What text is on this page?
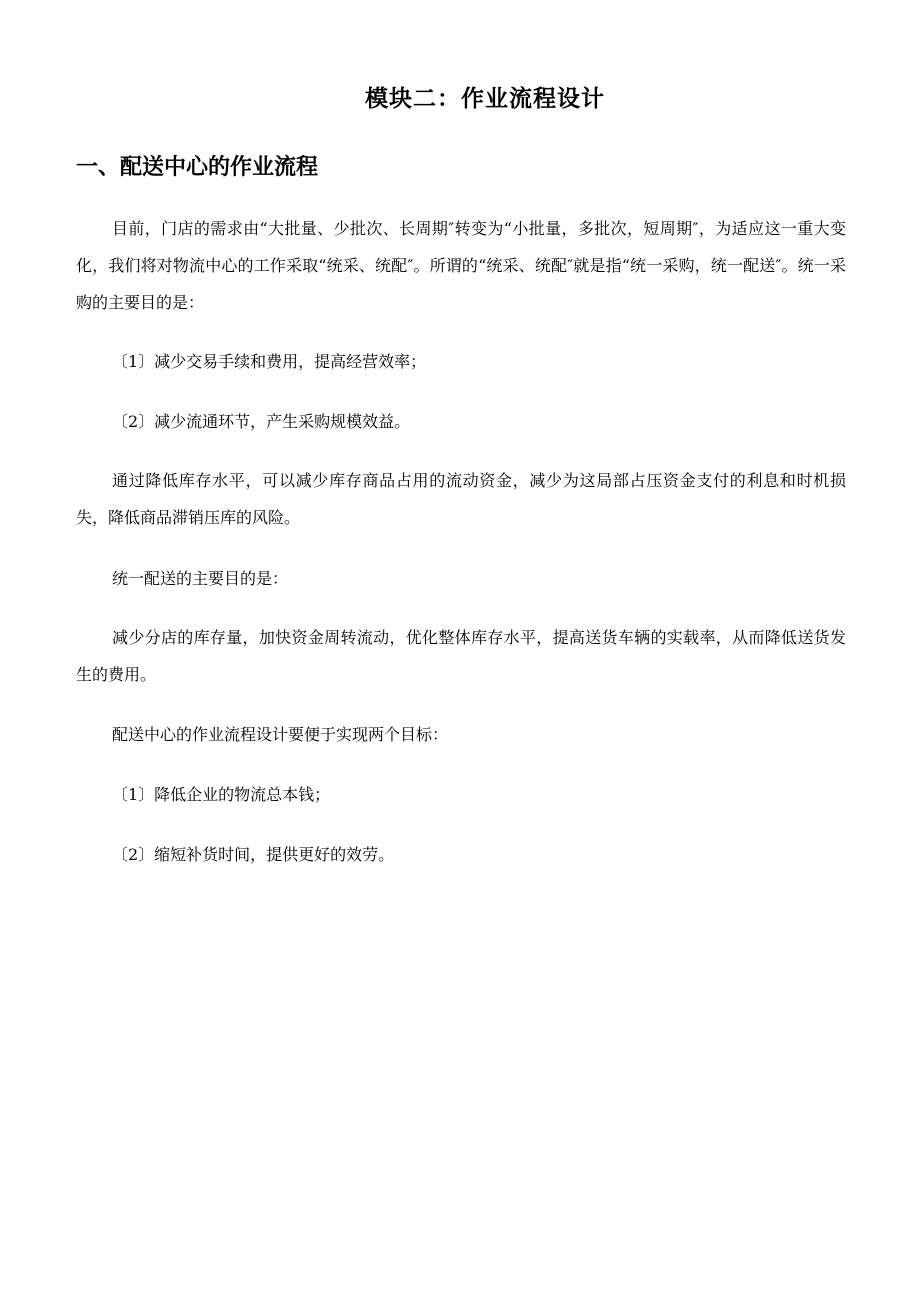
模块二：作业流程设计
一、配送中心的作业流程

目前，门店的需求由“大批量、少批次、长周期″转变为“小批量，多批次，短周期″，为适应这一重大变化，我们将对物流中心的工作采取“统采、统配″。所谓的“统采、统配″就是指“统一采购，统一配送″。统一采购的主要目的是：

〔1〕减少交易手续和费用，提高经营效率；

〔2〕减少流通环节，产生采购规模效益。

通过降低库存水平，可以减少库存商品占用的流动资金，减少为这局部占压资金支付的利息和时机损失，降低商品滞销压库的风险。

统一配送的主要目的是：

减少分店的库存量，加快资金周转流动，优化整体库存水平，提高送货车辆的实载率，从而降低送货发生的费用。

配送中心的作业流程设计要便于实现两个目标：

〔1〕降低企业的物流总本钱；

〔2〕缩短补货时间，提供更好的效劳。
